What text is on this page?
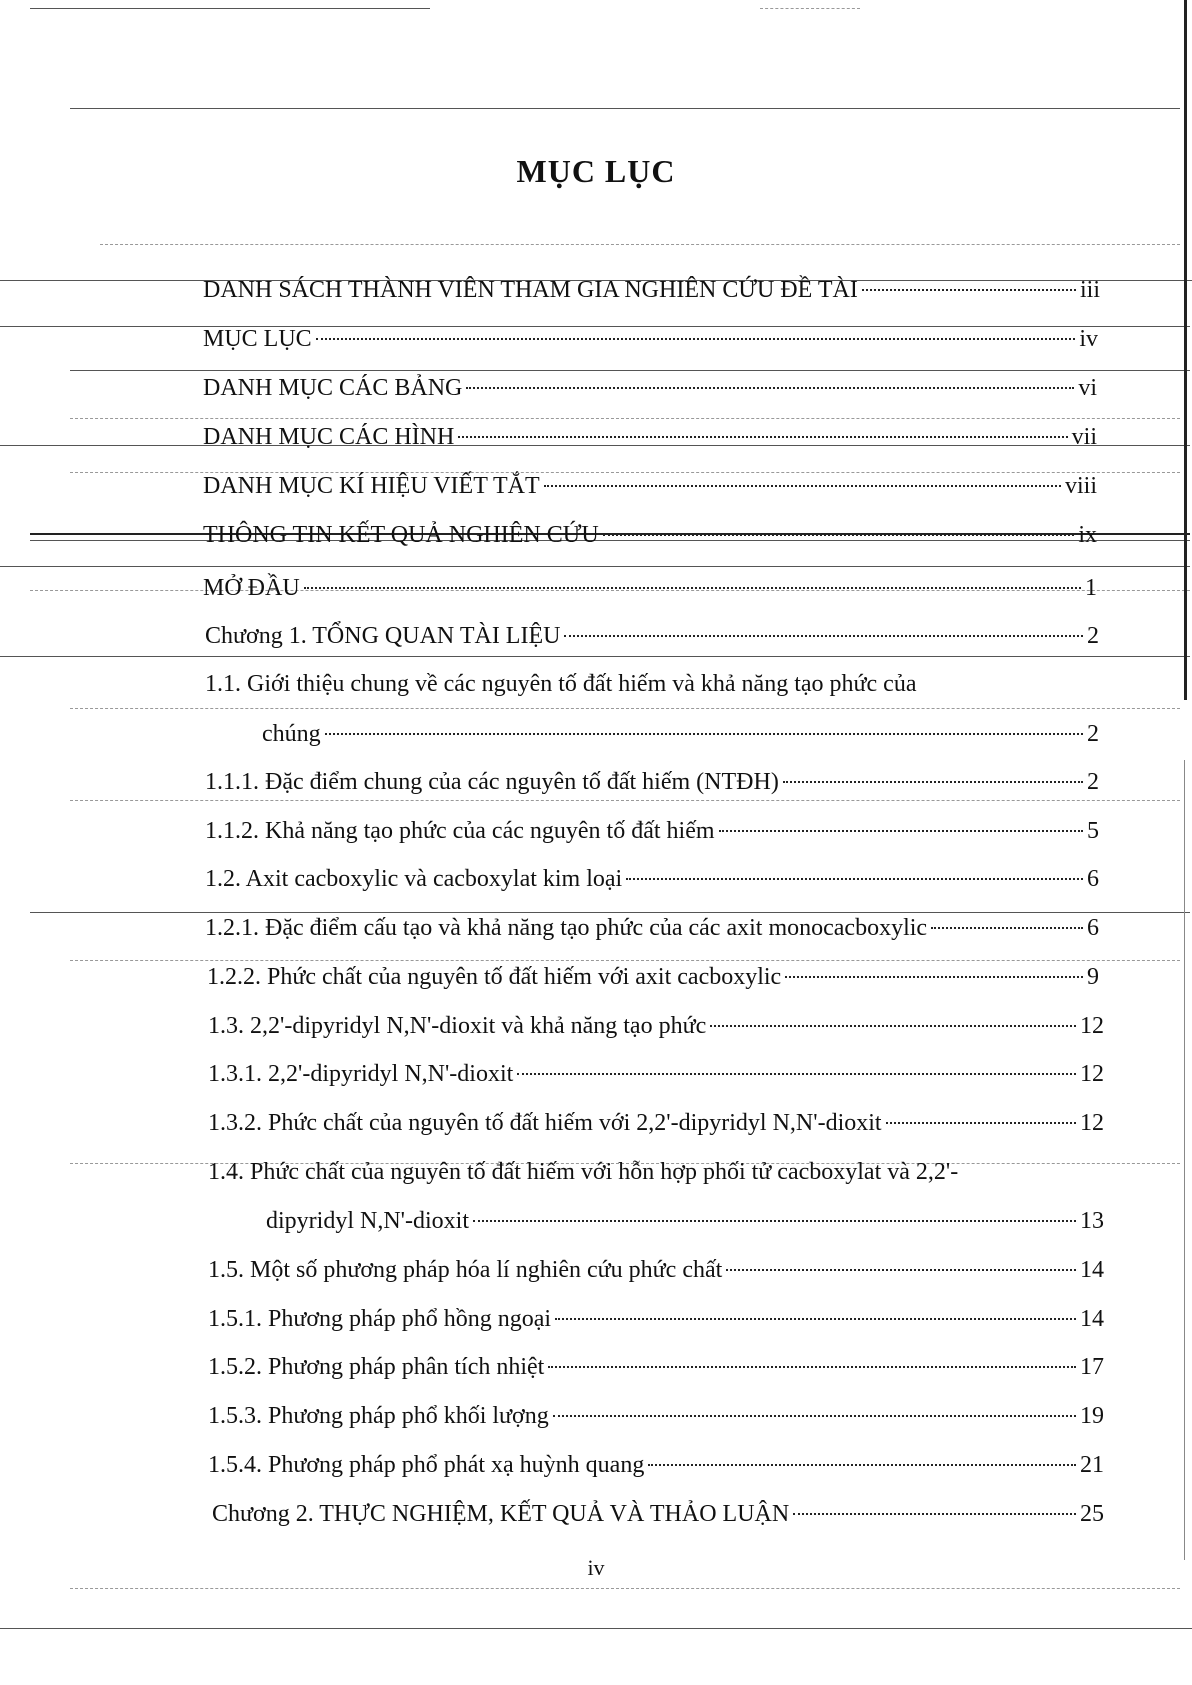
MỤC LỤC
DANH SÁCH THÀNH VIÊN THAM GIA NGHIÊN CỨU ĐỀ TÀI	iii
MỤC LỤC	iv
DANH MỤC CÁC BẢNG	vi
DANH MỤC CÁC HÌNH	vii
DANH MỤC KÍ HIỆU VIẾT TẮT	viii
THÔNG TIN KẾT QUẢ NGHIÊN CỨU	ix
MỞ ĐẦU	1
Chương 1. TỔNG QUAN TÀI LIỆU	2
1.1. Giới thiệu chung về các nguyên tố đất hiếm và khả năng tạo phức của
chúng	2
1.1.1. Đặc điểm chung của các nguyên tố đất hiếm (NTĐH)	2
1.1.2. Khả năng tạo phức của các nguyên tố đất hiếm	5
1.2. Axit cacboxylic và cacboxylat kim loại	6
1.2.1. Đặc điểm cấu tạo và khả năng tạo phức của các axit monocacboxylic	6
1.2.2. Phức chất của nguyên tố đất hiếm với axit cacboxylic	9
1.3. 2,2'-dipyridyl N,N'-dioxit và khả năng tạo phức	12
1.3.1. 2,2'-dipyridyl N,N'-dioxit	12
1.3.2. Phức chất của nguyên tố đất hiếm với 2,2'-dipyridyl N,N'-dioxit	12
1.4. Phức chất của nguyên tố đất hiếm với hỗn hợp phối tử cacboxylat và 2,2'-
dipyridyl N,N'-dioxit	13
1.5. Một số phương pháp hóa lí nghiên cứu phức chất	14
1.5.1. Phương pháp phổ hồng ngoại	14
1.5.2. Phương pháp phân tích nhiệt	17
1.5.3. Phương pháp phổ khối lượng	19
1.5.4. Phương pháp phổ phát xạ huỳnh quang	21
Chương 2. THỰC NGHIỆM, KẾT QUẢ VÀ THẢO LUẬN	25
iv
